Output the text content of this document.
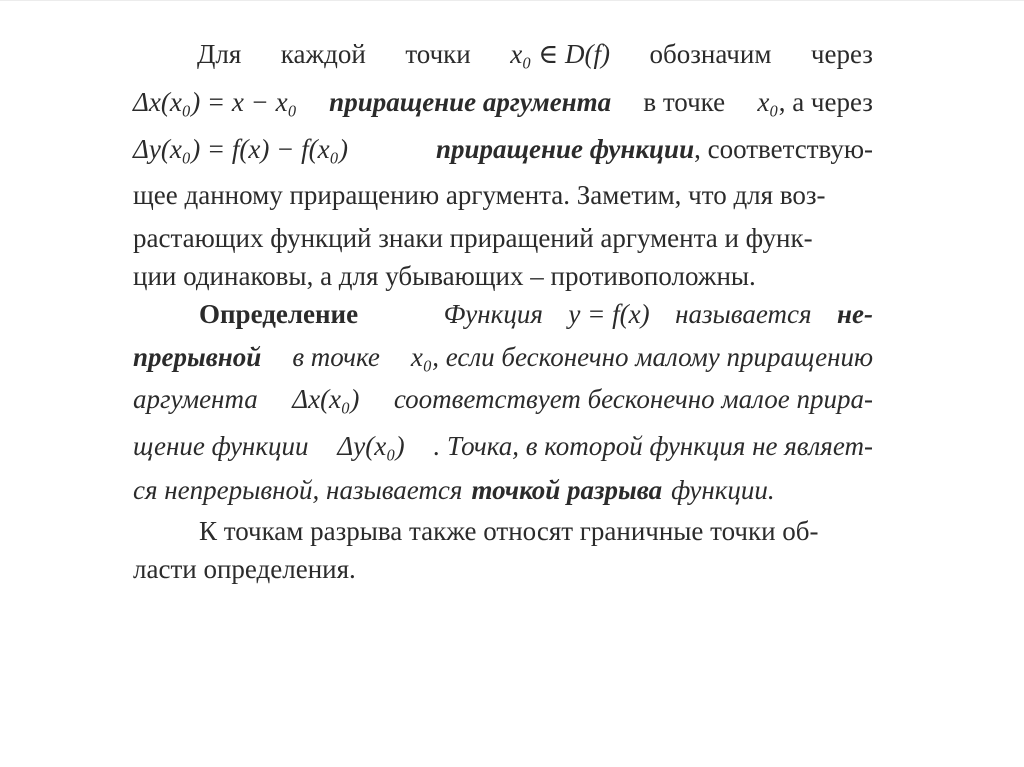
Для каждой точки x₀ ∈ D(f) обозначим через
Δx(x₀) = x − x₀ приращение аргумента в точке x₀, а через
Δy(x₀) = f(x) − f(x₀)	приращение функции, соответствую-
щее данному приращению аргумента. Заметим, что для воз-
растающих функций знаки приращений аргумента и функ-
ции одинаковы, а для убывающих – противоположны.
Определение	Функция y = f(x) называется не-
прерывной в точке x₀, если бесконечно малому приращению
аргумента Δx(x₀) соответствует бесконечно малое прира-
щение функции Δy(x₀) . Точка, в которой функция не являет-
ся непрерывной, называется точкой разрыва функции.
К точкам разрыва также относят граничные точки об-
ласти определения.
